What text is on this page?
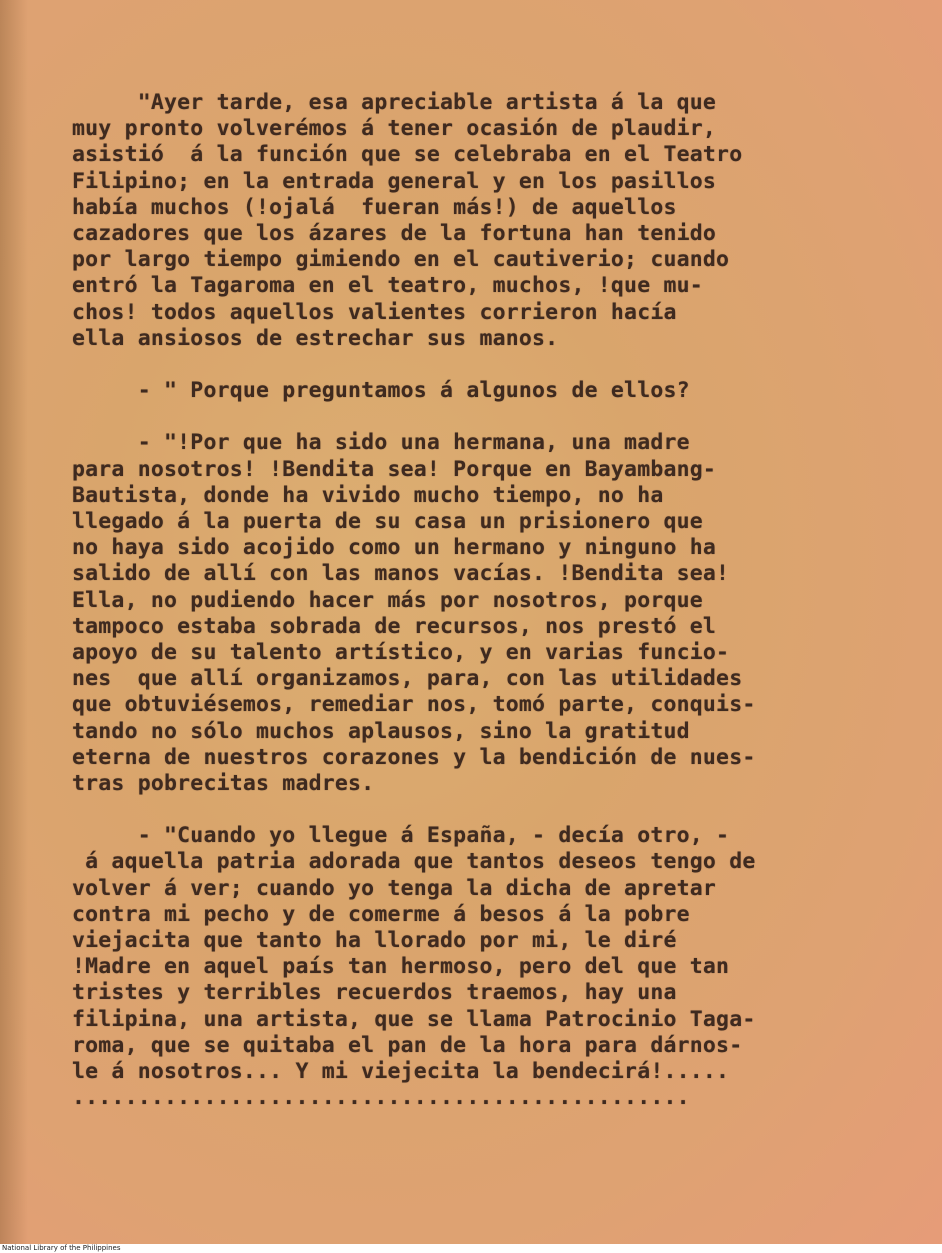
"Ayer tarde, esa apreciable artista á la que
muy pronto volverémos á tener ocasión de plaudir,
asistió  á la función que se celebraba en el Teatro
Filipino; en la entrada general y en los pasillos
había muchos (!ojalá  fueran más!) de aquellos
cazadores que los ázares de la fortuna han tenido
por largo tiempo gimiendo en el cautiverio; cuando
entró la Tagaroma en el teatro, muchos, !que mu-
chos! todos aquellos valientes corrieron hacía
ella ansiosos de estrechar sus manos.
- " Porque preguntamos á algunos de ellos?
- "!Por que ha sido una hermana, una madre
para nosotros! !Bendita sea! Porque en Bayambang-
Bautista, donde ha vivido mucho tiempo, no ha
llegado á la puerta de su casa un prisionero que
no haya sido acojido como un hermano y ninguno ha
salido de allí con las manos vacías. !Bendita sea!
Ella, no pudiendo hacer más por nosotros, porque
tampoco estaba sobrada de recursos, nos prestó el
apoyo de su talento artístico, y en varias funcio-
nes  que allí organizamos, para, con las utilidades
que obtuviésemos, remediar nos, tomó parte, conquis-
tando no sólo muchos aplausos, sino la gratitud
eterna de nuestros corazones y la bendición de nues-
tras pobrecitas madres.
- "Cuando yo llegue á España, - decía otro, -
á aquella patria adorada que tantos deseos tengo de
volver á ver; cuando yo tenga la dicha de apretar
contra mi pecho y de comerme á besos á la pobre
viejacita que tanto ha llorado por mi, le diré
!Madre en aquel país tan hermoso, pero del que tan
tristes y terribles recuerdos traemos, hay una
filipina, una artista, que se llama Patrocinio Taga-
roma, que se quitaba el pan de la hora para dárnos-
le á nosotros... Y mi viejecita la bendecirá!.....
...............................................
National Library of the Philippines
